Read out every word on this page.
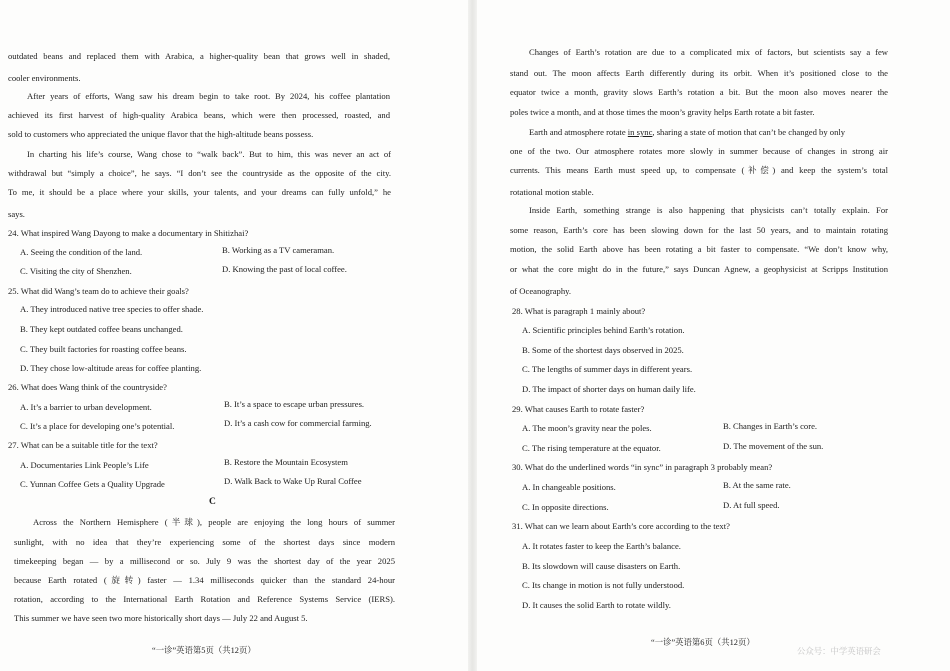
outdated beans and replaced them with Arabica, a higher-quality bean that grows well in shaded,
cooler environments.
After years of efforts, Wang saw his dream begin to take root. By 2024, his coffee plantation
achieved its first harvest of high-quality Arabica beans, which were then processed, roasted, and
sold to customers who appreciated the unique flavor that the high-altitude beans possess.
In charting his life’s course, Wang chose to “walk back”. But to him, this was never an act of
withdrawal but “simply a choice”, he says. “I don’t see the countryside as the opposite of the city.
To me, it should be a place where your skills, your talents, and your dreams can fully unfold,” he
says.
24. What inspired Wang Dayong to make a documentary in Shitizhai?
A. Seeing the condition of the land.	B. Working as a TV cameraman.
C. Visiting the city of Shenzhen.	D. Knowing the past of local coffee.
25. What did Wang’s team do to achieve their goals?
A. They introduced native tree species to offer shade.
B. They kept outdated coffee beans unchanged.
C. They built factories for roasting coffee beans.
D. They chose low-altitude areas for coffee planting.
26. What does Wang think of the countryside?
A. It’s a barrier to urban development.	B. It’s a space to escape urban pressures.
C. It’s a place for developing one’s potential.	D. It’s a cash cow for commercial farming.
27. What can be a suitable title for the text?
A. Documentaries Link People’s Life	B. Restore the Mountain Ecosystem
C. Yunnan Coffee Gets a Quality Upgrade	D. Walk Back to Wake Up Rural Coffee
C
Across the Northern Hemisphere (半球), people are enjoying the long hours of summer
sunlight, with no idea that they’re experiencing some of the shortest days since modern
timekeeping began — by a millisecond or so. July 9 was the shortest day of the year 2025
because Earth rotated (旋转) faster — 1.34 milliseconds quicker than the standard 24-hour
rotation, according to the International Earth Rotation and Reference Systems Service (IERS).
This summer we have seen two more historically short days — July 22 and August 5.
“一诊”英语第5页（共12页）
Changes of Earth’s rotation are due to a complicated mix of factors, but scientists say a few
stand out. The moon affects Earth differently during its orbit. When it’s positioned close to the
equator twice a month, gravity slows Earth’s rotation a bit. But the moon also moves nearer the
poles twice a month, and at those times the moon’s gravity helps Earth rotate a bit faster.
Earth and atmosphere rotate in sync, sharing a state of motion that can’t be changed by only
one of the two. Our atmosphere rotates more slowly in summer because of changes in strong air
currents. This means Earth must speed up, to compensate (补偿) and keep the system’s total
rotational motion stable.
Inside Earth, something strange is also happening that physicists can’t totally explain. For
some reason, Earth’s core has been slowing down for the last 50 years, and to maintain rotating
motion, the solid Earth above has been rotating a bit faster to compensate. “We don’t know why,
or what the core might do in the future,” says Duncan Agnew, a geophysicist at Scripps Institution
of Oceanography.
28. What is paragraph 1 mainly about?
A. Scientific principles behind Earth’s rotation.
B. Some of the shortest days observed in 2025.
C. The lengths of summer days in different years.
D. The impact of shorter days on human daily life.
29. What causes Earth to rotate faster?
A. The moon’s gravity near the poles.	B. Changes in Earth’s core.
C. The rising temperature at the equator.	D. The movement of the sun.
30. What do the underlined words “in sync” in paragraph 3 probably mean?
A. In changeable positions.	B. At the same rate.
C. In opposite directions.	D. At full speed.
31. What can we learn about Earth’s core according to the text?
A. It rotates faster to keep the Earth’s balance.
B. Its slowdown will cause disasters on Earth.
C. Its change in motion is not fully understood.
D. It causes the solid Earth to rotate wildly.
“一诊”英语第6页（共12页）
公众号：中学英语研会
